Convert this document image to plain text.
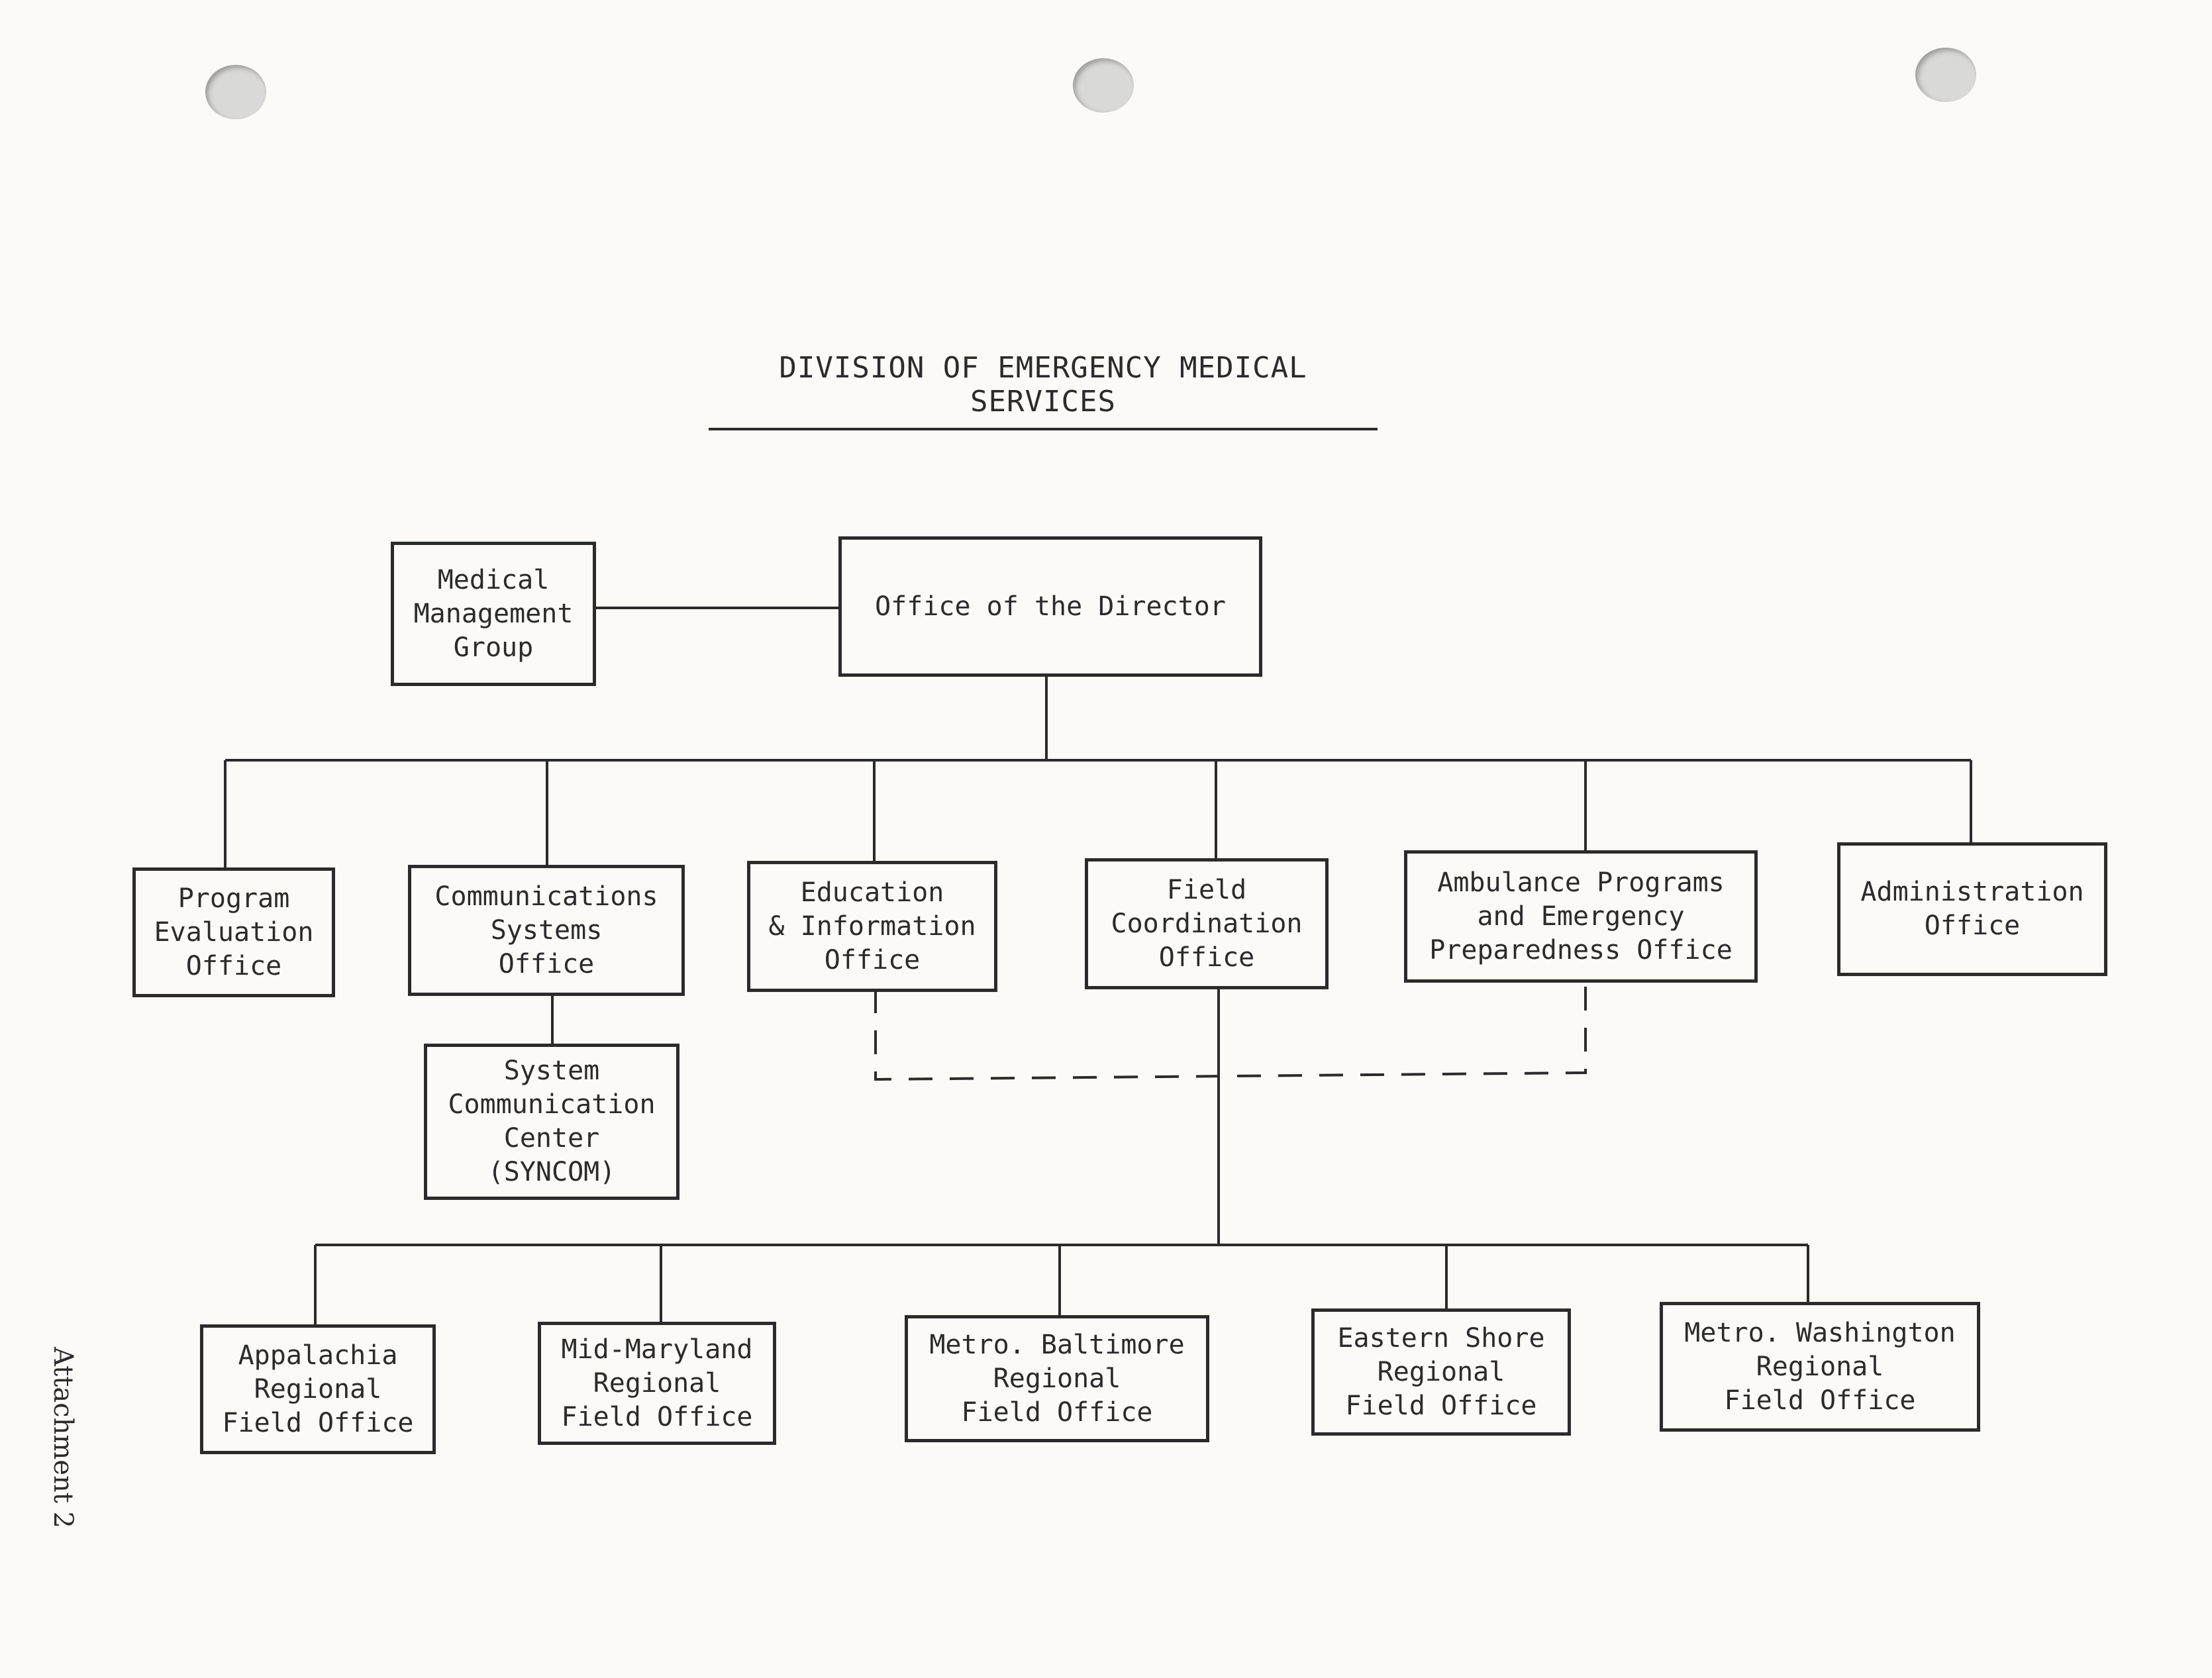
DIVISION OF EMERGENCY MEDICAL SERVICES
Medical
Management
Group
Office of the Director
Program
Evaluation
Office
Communications
Systems
Office
Education
& Information
Office
Field
Coordination
Office
Ambulance Programs
and Emergency
Preparedness Office
Administration
Office
System
Communication
Center
(SYNCOM)
Appalachia
Regional
Field Office
Mid-Maryland
Regional
Field Office
Metro. Baltimore
Regional
Field Office
Eastern Shore
Regional
Field Office
Metro. Washington
Regional
Field Office
Attachment 2
